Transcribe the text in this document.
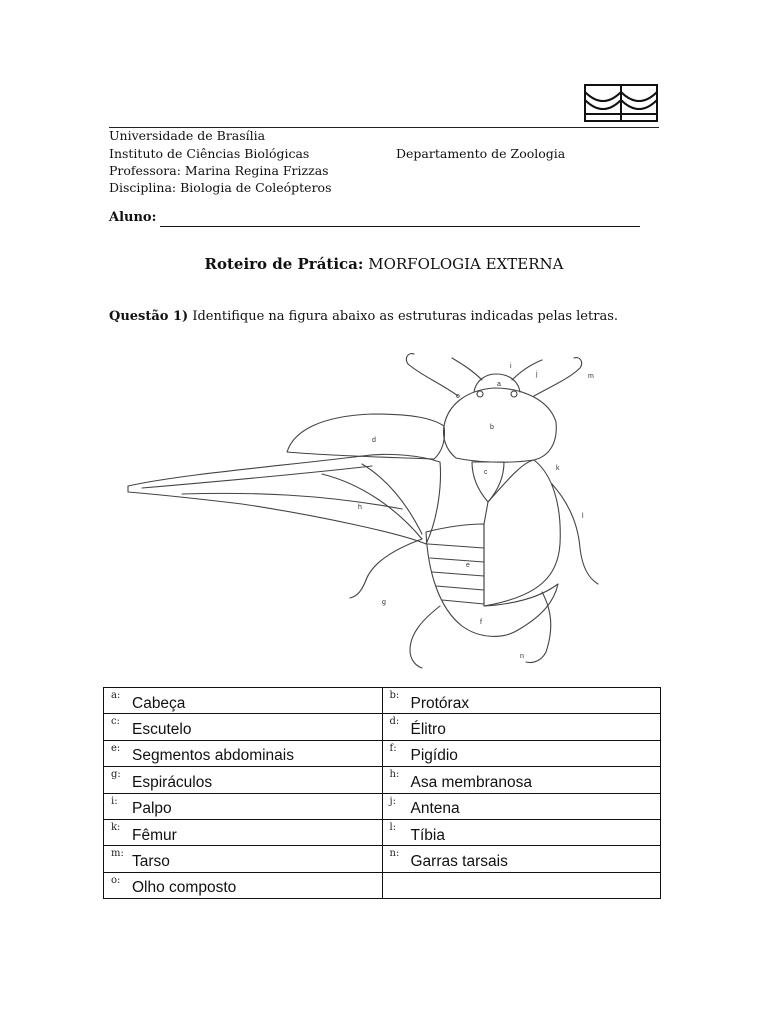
Universidade de Brasília
Instituto de Ciências Biológicas	Departamento de Zoologia
Professora: Marina Regina Frizzas
Disciplina: Biologia de Coleópteros
Aluno:
Roteiro de Prática: MORFOLOGIA EXTERNA
Questão 1) Identifique na figura abaixo as estruturas indicadas pelas letras.
a
b
c
d
e
f
g
h
i
j
k
l
m
n
o
a: Cabeça	b: Protórax

c: Escutelo	d: Élitro

e: Segmentos abdominais	f: Pigídio

g: Espiráculos	h: Asa membranosa

i: Palpo	j: Antena

k: Fêmur	l: Tíbia

m: Tarso	n: Garras tarsais

o: Olho composto	
